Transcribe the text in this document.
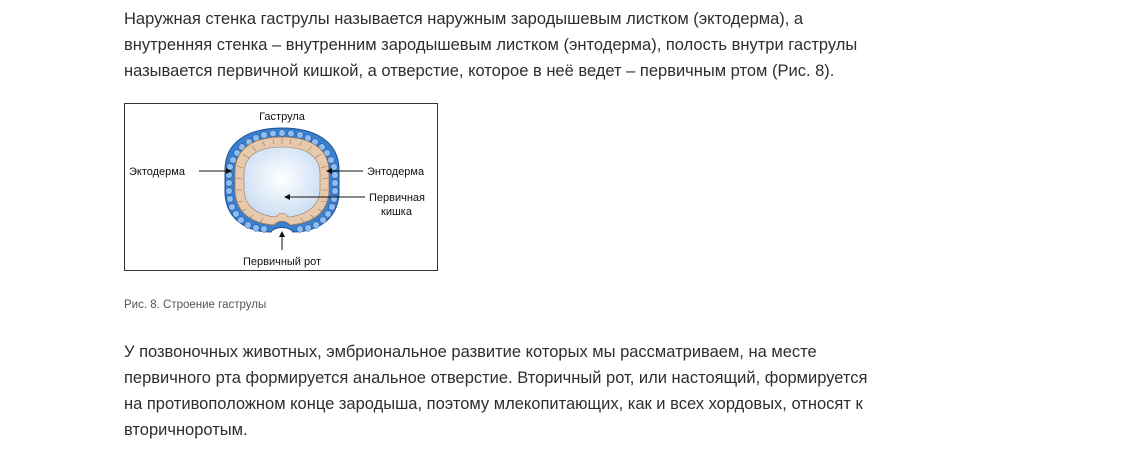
Наружная стенка гаструлы называется наружным зародышевым листком (эктодерма), а
внутренняя стенка – внутренним зародышевым листком (энтодерма), полость внутри гаструлы
называется первичной кишкой, а отверстие, которое в неё ведет – первичным ртом (Рис. 8).

Гаструла
Эктодерма	Энтодерма
Первичная
кишка
Первичный рот

Рис. 8. Строение гаструлы

У позвоночных животных, эмбриональное развитие которых мы рассматриваем, на месте
первичного рта формируется анальное отверстие. Вторичный рот, или настоящий, формируется
на противоположном конце зародыша, поэтому млекопитающих, как и всех хордовых, относят к
вторичноротым.
